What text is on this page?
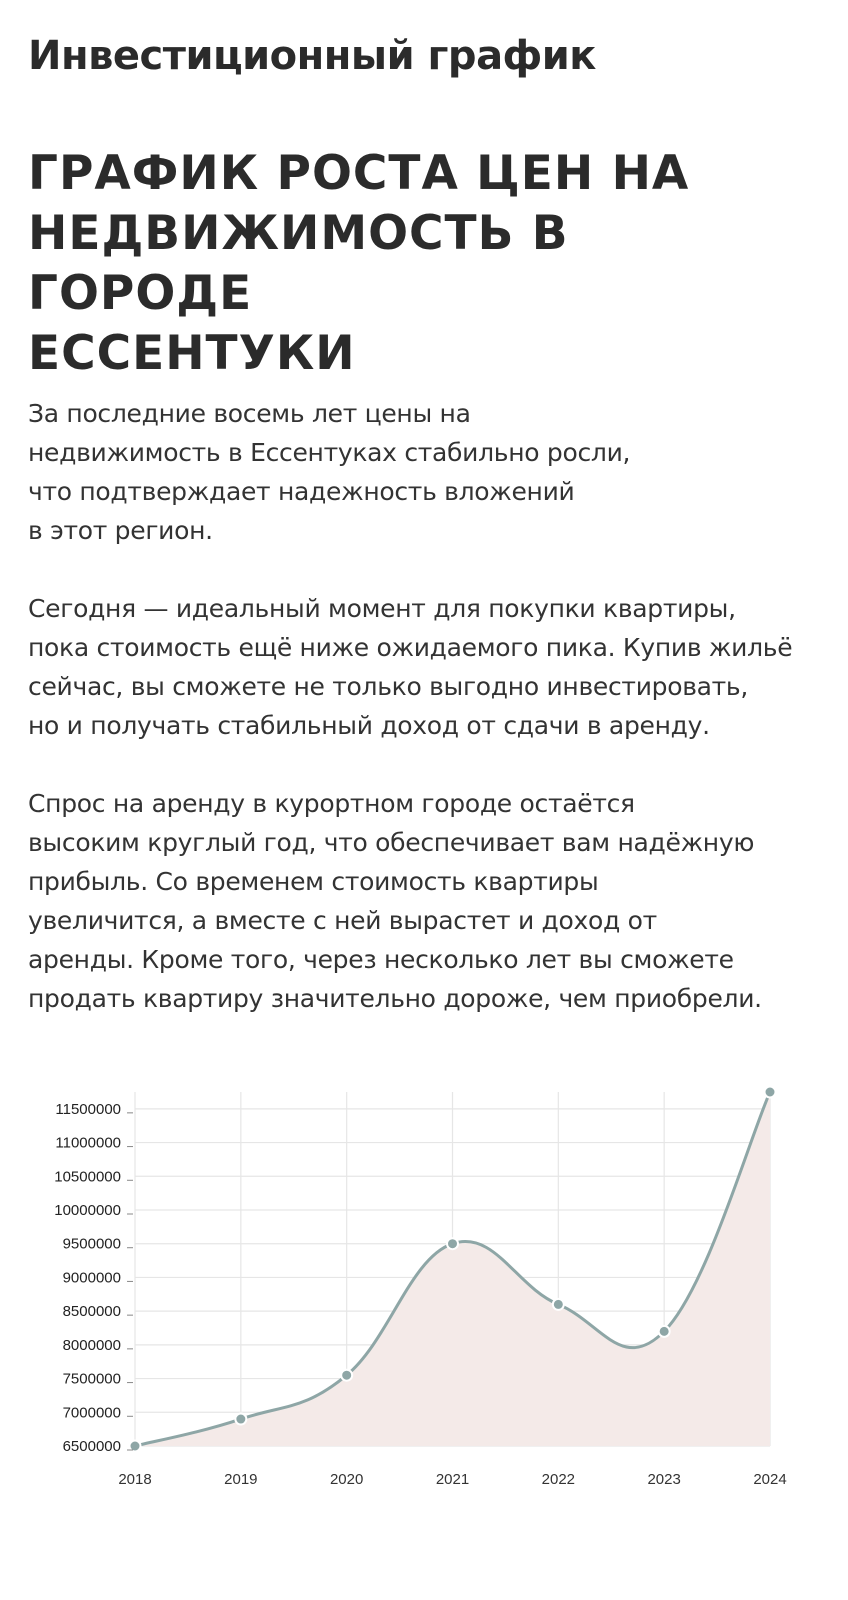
Инвестиционный график
ГРАФИК РОСТА ЦЕН НА
НЕДВИЖИМОСТЬ В ГОРОДЕ
ЕССЕНТУКИ

За последние восемь лет цены на
недвижимость в Ессентуках стабильно росли,
что подтверждает надежность вложений
в этот регион.

Сегодня — идеальный момент для покупки квартиры,
пока стоимость ещё ниже ожидаемого пика. Купив жильё
сейчас, вы сможете не только выгодно инвестировать,
но и получать стабильный доход от сдачи в аренду.

Спрос на аренду в курортном городе остаётся
высоким круглый год, что обеспечивает вам надёжную
прибыль. Со временем стоимость квартиры
увеличится, а вместе с ней вырастет и доход от
аренды. Кроме того, через несколько лет вы сможете
продать квартиру значительно дороже, чем приобрели.

6500000
7000000
7500000
8000000
8500000
9000000
9500000
10000000
10500000
11000000
11500000
2018	2019	2020	2021	2022	2023	2024
